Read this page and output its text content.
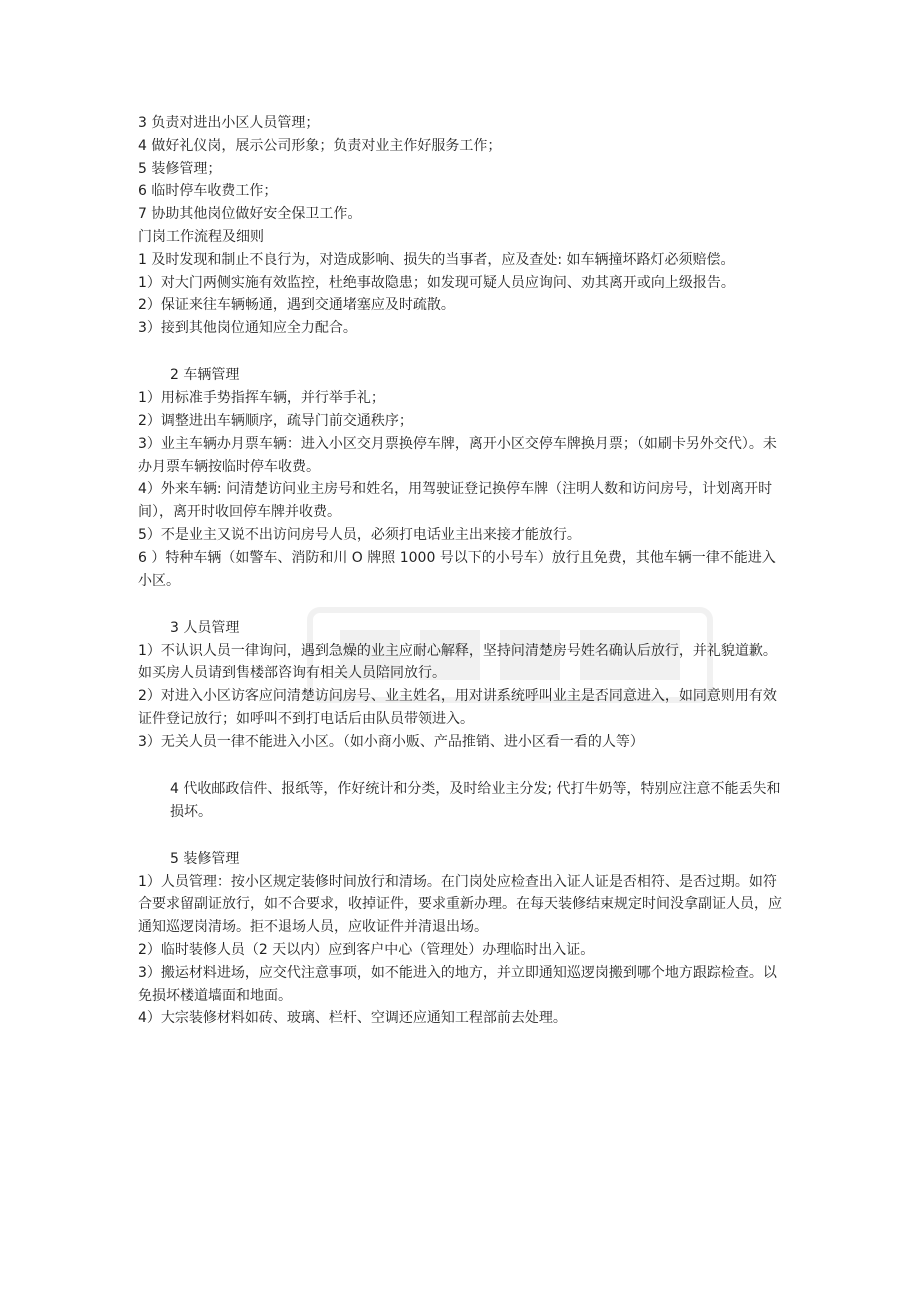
3 负责对进出小区人员管理；

4 做好礼仪岗，展示公司形象；负责对业主作好服务工作；

5 装修管理；

6 临时停车收费工作；

7 协助其他岗位做好安全保卫工作。

门岗工作流程及细则

1 及时发现和制止不良行为，对造成影响、损失的当事者，应及查处: 如车辆撞坏路灯必须赔偿。

1）对大门两侧实施有效监控，杜绝事故隐患；如发现可疑人员应询问、劝其离开或向上级报告。

2）保证来往车辆畅通，遇到交通堵塞应及时疏散。

3）接到其他岗位通知应全力配合。

2 车辆管理

1）用标准手势指挥车辆，并行举手礼；

2）调整进出车辆顺序，疏导门前交通秩序；

3）业主车辆办月票车辆：进入小区交月票换停车牌，离开小区交停车牌换月票；（如刷卡另外交代）。未办月票车辆按临时停车收费。

4）外来车辆: 问清楚访问业主房号和姓名，用驾驶证登记换停车牌（注明人数和访问房号，计划离开时间），离开时收回停车牌并收费。

5）不是业主又说不出访问房号人员，必须打电话业主出来接才能放行。

6 ）特种车辆（如警车、消防和川 O 牌照 1000 号以下的小号车）放行且免费，其他车辆一律不能进入小区。

3 人员管理

1）不认识人员一律询问，遇到急燥的业主应耐心解释，坚持问清楚房号姓名确认后放行，并礼貌道歉。如买房人员请到售楼部咨询有相关人员陪同放行。

2）对进入小区访客应问清楚访问房号、业主姓名，用对讲系统呼叫业主是否同意进入，如同意则用有效证件登记放行；如呼叫不到打电话后由队员带领进入。

3）无关人员一律不能进入小区。（如小商小贩、产品推销、进小区看一看的人等）

4 代收邮政信件、报纸等，作好统计和分类，及时给业主分发; 代打牛奶等，特别应注意不能丢失和损坏。

5 装修管理

1）人员管理：按小区规定装修时间放行和清场。在门岗处应检查出入证人证是否相符、是否过期。如符合要求留副证放行，如不合要求，收掉证件，要求重新办理。在每天装修结束规定时间没拿副证人员，应通知巡逻岗清场。拒不退场人员，应收证件并清退出场。

2）临时装修人员（2 天以内）应到客户中心（管理处）办理临时出入证。

3）搬运材料进场，应交代注意事项，如不能进入的地方，并立即通知巡逻岗搬到哪个地方跟踪检查。以免损坏楼道墙面和地面。

4）大宗装修材料如砖、玻璃、栏杆、空调还应通知工程部前去处理。
